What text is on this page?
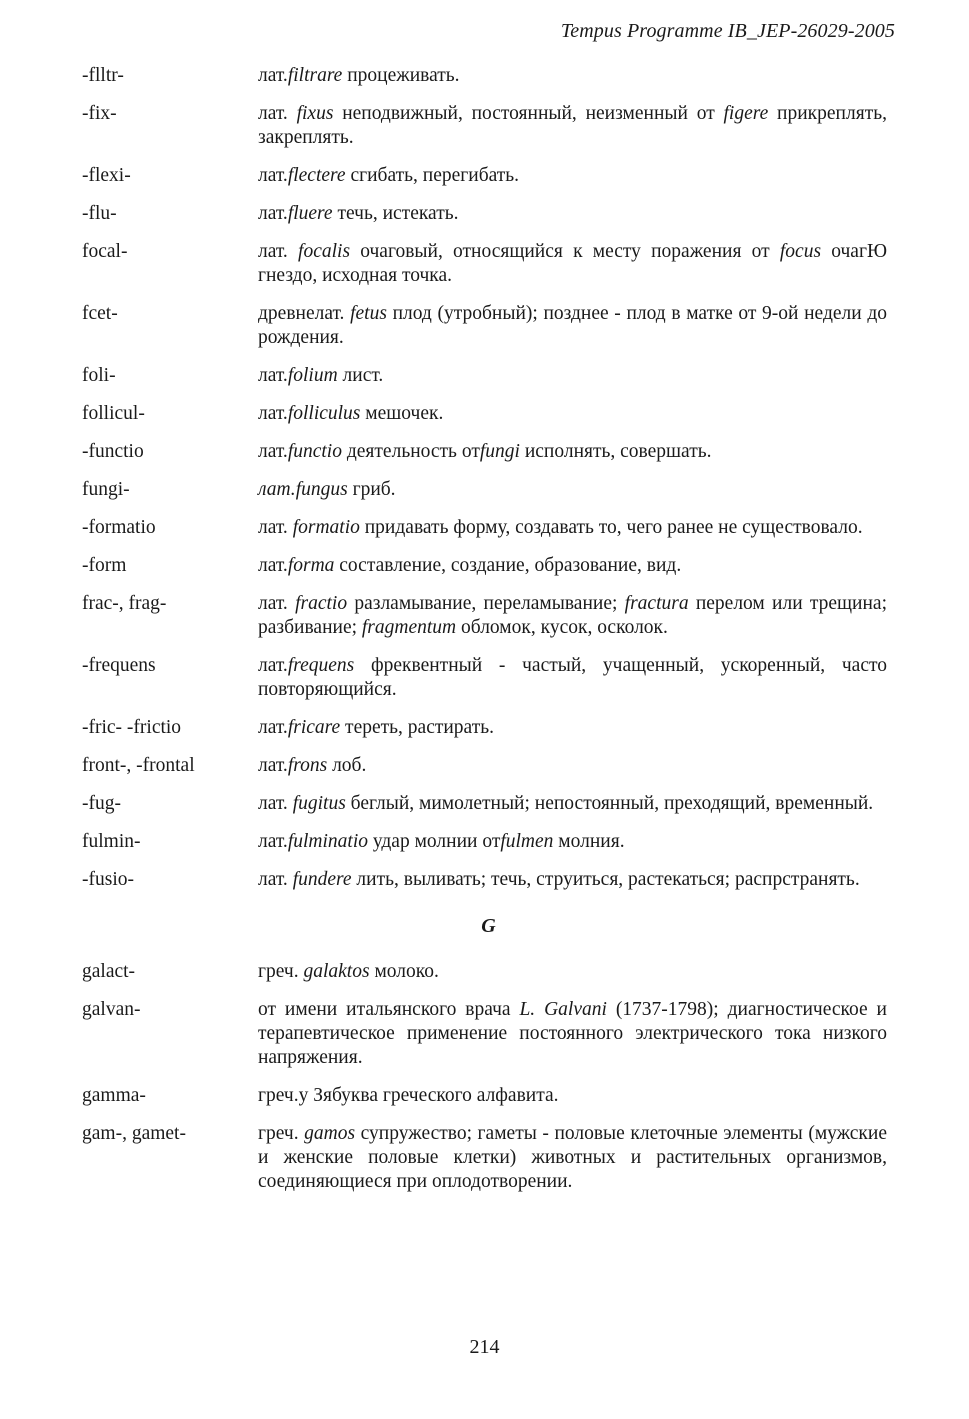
Tempus Programme IB_JEP-26029-2005
-flltr-	лат.filtrare процеживать.
-fix-	лат. fixus неподвижный, постоянный, неизменный от figere прикреплять, закреплять.
-flexi-	лат.flectere сгибать, перегибать.
-flu-	лат.fluere течь, истекать.
focal-	лат. focalis очаговый, относящийся к месту поражения от focus очагЮ гнездо, исходная точка.
fcet-	древнелат. fetus плод (утробный); позднее - плод в матке от 9-ой недели до рождения.
foli-	лат.folium лист.
follicul-	лат.folliculus мешочек.
-functio	лат.functio деятельность отfungi исполнять, совершать.
fungi-	лат.fungus гриб.
-formatio	лат. formatio придавать форму, создавать то, чего ранее не существовало.
-form	лат.forma составление, создание, образование, вид.
frac-, frag-	лат. fractio разламывание, переламывание; fractura перелом или трещина; разбивание; fragmentum обломок, кусок, осколок.
-frequens	лат.frequens фреквентный - частый, учащенный, ускоренный, часто повторяющийся.
-fric- -frictio	лат.fricare тереть, растирать.
front-, -frontal	лат.frons лоб.
-fug-	лат. fugitus беглый, мимолетный; непостоянный, преходящий, временный.
fulmin-	лат.fulminatio удар молнии отfulmen молния.
-fusio-	лат. fundere лить, выливать; течь, струиться, растекаться; распрстранять.
G
galact-	греч. galaktos молоко.
galvan-	от имени итальянского врача L. Galvani (1737-1798); диагностическое и терапевтическое применение постоянного электрического тока низкого напряжения.
gamma-	греч.у Зябуква греческого алфавита.
gam-, gamet-	греч. gamos супружество; гаметы - половые клеточные элементы (мужские и женские половые клетки) животных и растительных организмов, соединяющиеся при оплодотворении.
214
